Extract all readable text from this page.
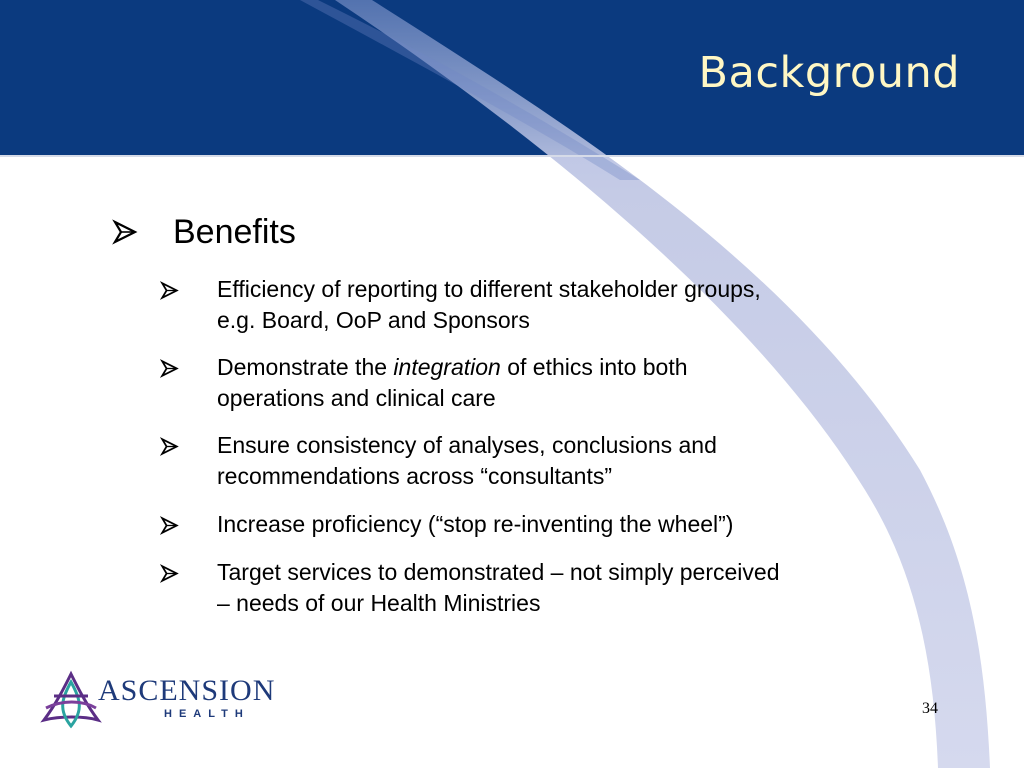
Background
Benefits
Efficiency of reporting to different stakeholder groups,
e.g. Board, OoP and Sponsors
Demonstrate the integration of ethics into both
operations and clinical care
Ensure consistency of analyses, conclusions and
recommendations across “consultants”
Increase proficiency (“stop re-inventing the wheel”)
Target services to demonstrated – not simply perceived
– needs of our Health Ministries
ASCENSION
HEALTH	34
